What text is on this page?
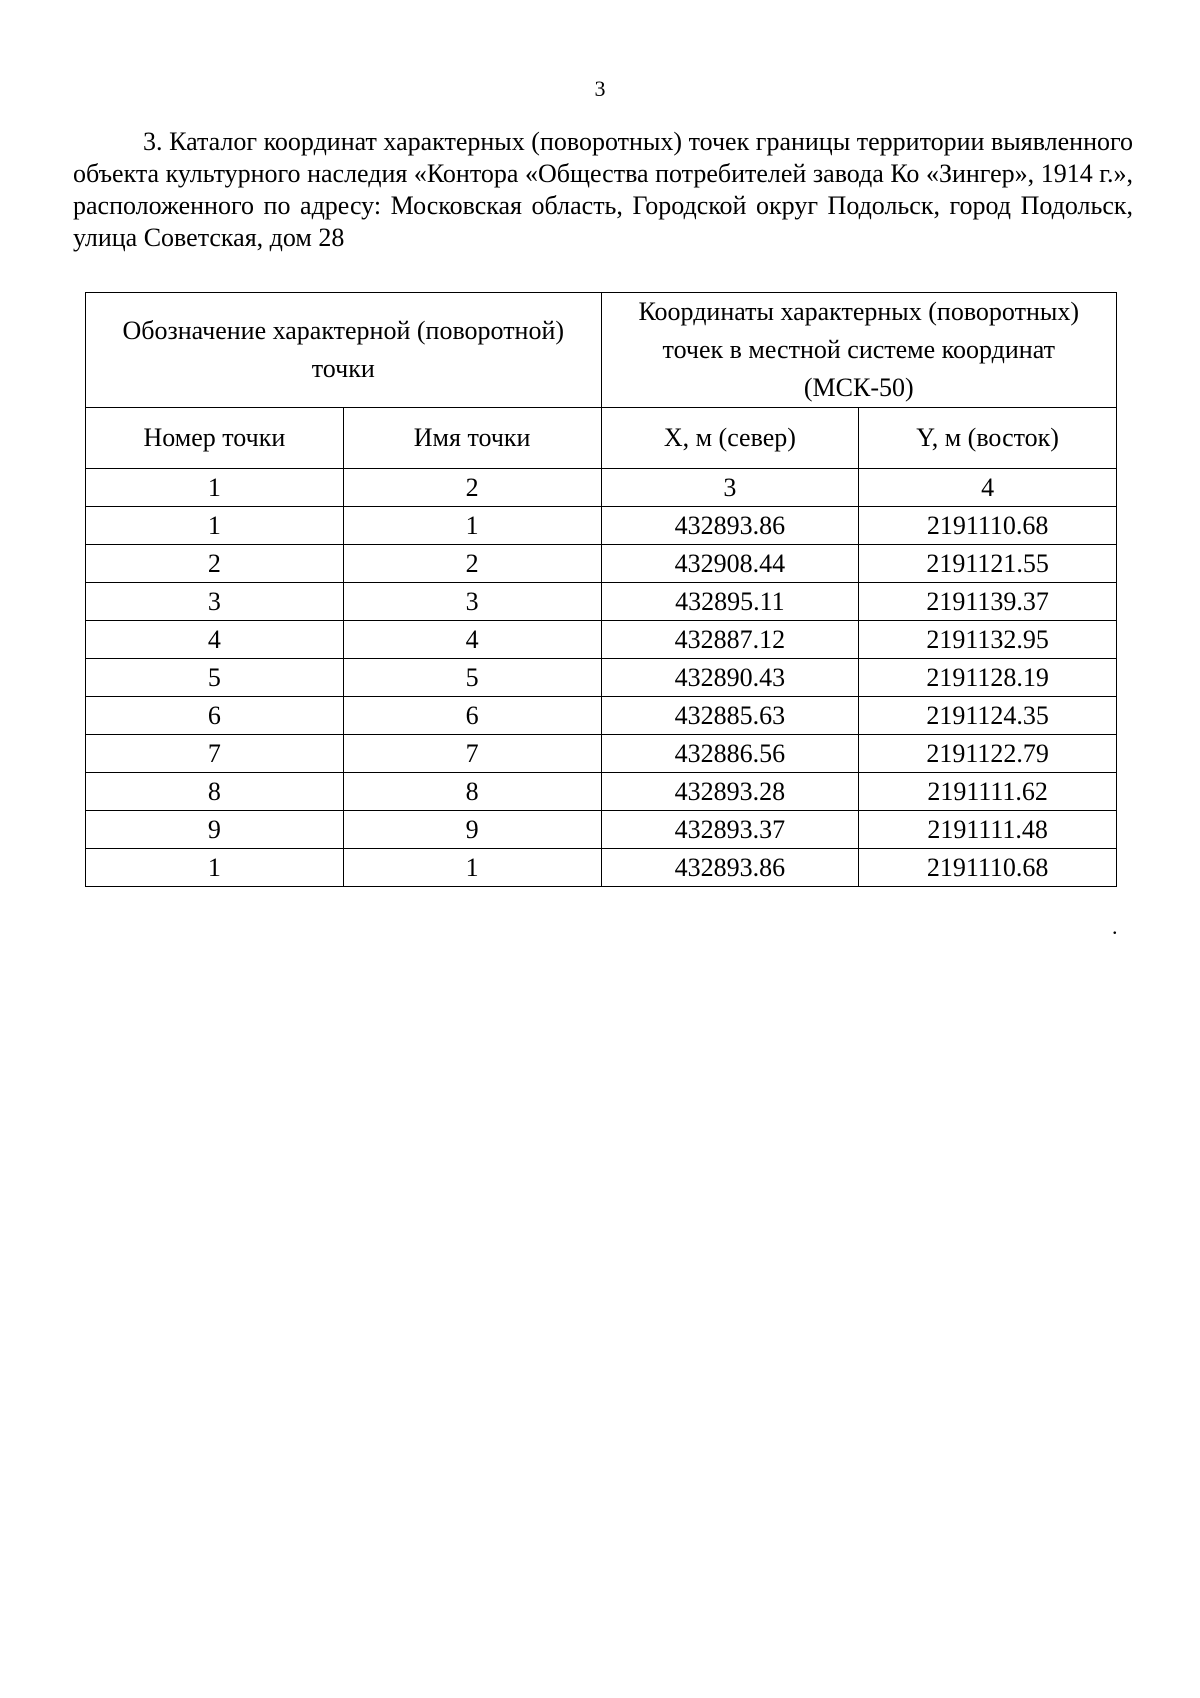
3

3. Каталог координат характерных (поворотных) точек границы территории выявленного объекта культурного наследия «Контора «Общества потребителей завода Ко «Зингер», 1914 г.», расположенного по адресу: Московская область, Городской округ Подольск, город Подольск, улица Советская, дом 28

Обозначение характерной (поворотной) точки		Координаты характерных (поворотных) точек в местной системе координат (МСК-50)	
Номер точки	Имя точки	X, м (север)	Y, м (восток)
1	2	3	4
1	1	432893.86	2191110.68
2	2	432908.44	2191121.55
3	3	432895.11	2191139.37
4	4	432887.12	2191132.95
5	5	432890.43	2191128.19
6	6	432885.63	2191124.35
7	7	432886.56	2191122.79
8	8	432893.28	2191111.62
9	9	432893.37	2191111.48
1	1	432893.86	2191110.68
.
